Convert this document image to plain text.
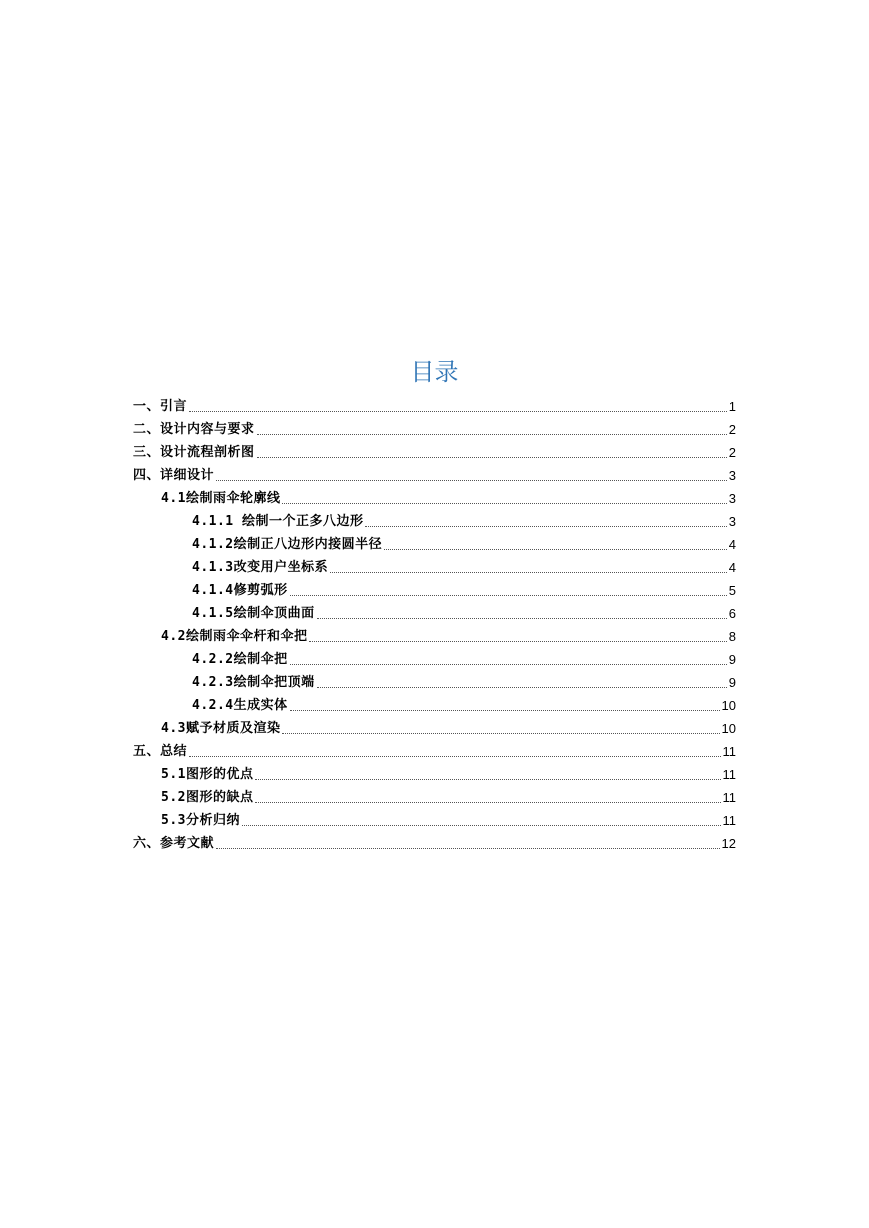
目录
一、引言	1
二、设计内容与要求	2
三、设计流程剖析图	2
四、详细设计	3
4.1绘制雨伞轮廓线	3
4.1.1 绘制一个正多八边形	3
4.1.2绘制正八边形内接圆半径	4
4.1.3改变用户坐标系	4
4.1.4修剪弧形	5
4.1.5绘制伞顶曲面	6
4.2绘制雨伞伞杆和伞把	8
4.2.2绘制伞把	9
4.2.3绘制伞把顶端	9
4.2.4生成实体	10
4.3赋予材质及渲染	10
五、总结	11
5.1图形的优点	11
5.2图形的缺点	11
5.3分析归纳	11
六、参考文献	12
